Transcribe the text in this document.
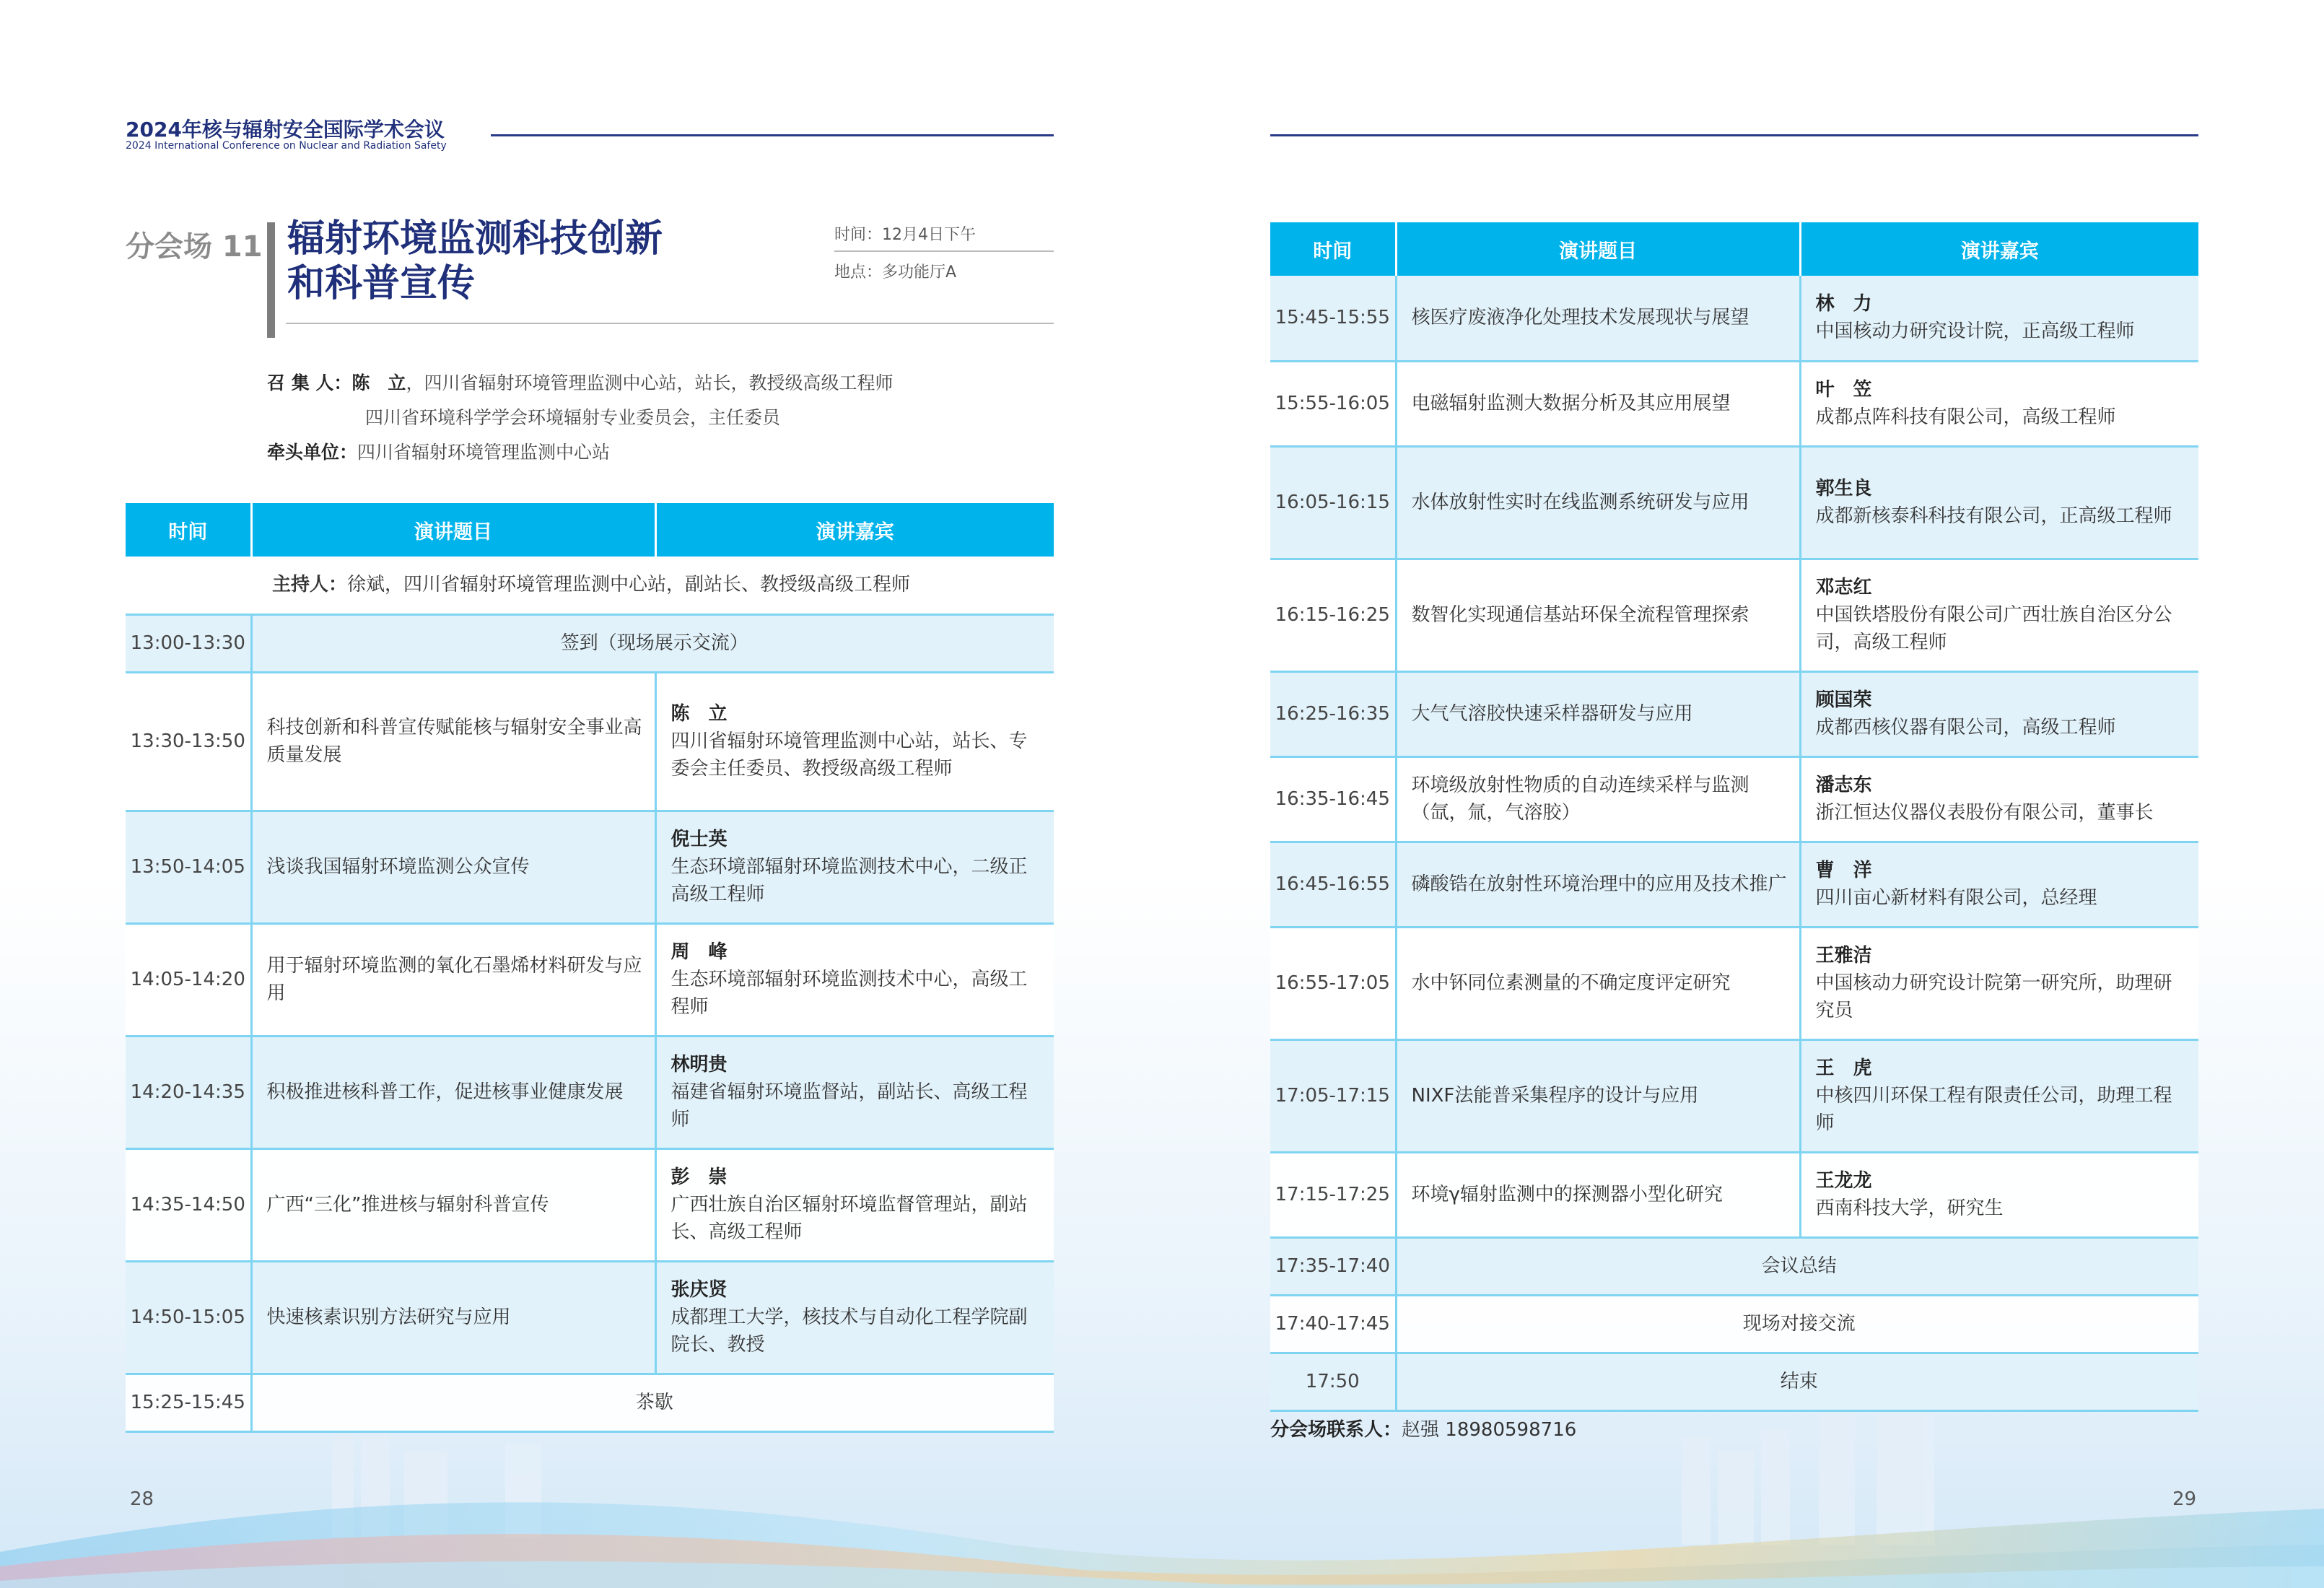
2024年核与辐射安全国际学术会议
2024 International Conference on Nuclear and Radiation Safety
分会场 11 辐射环境监测科技创新
和科普宣传
时间：12月4日下午
地点：多功能厅A
召 集 人：陈　立，四川省辐射环境管理监测中心站，站长，教授级高级工程师
四川省环境科学学会环境辐射专业委员会，主任委员
牵头单位：四川省辐射环境管理监测中心站
时间	演讲题目	演讲嘉宾
主持人：徐斌，四川省辐射环境管理监测中心站，副站长、教授级高级工程师		
13:00-13:30	签到（现场展示交流）	
13:30-13:50	科技创新和科普宣传赋能核与辐射安全事业高质量发展	陈　立
四川省辐射环境管理监测中心站，站长、专委会主任委员、教授级高级工程师

13:50-14:05	浅谈我国辐射环境监测公众宣传	倪士英
生态环境部辐射环境监测技术中心，二级正高级工程师

14:05-14:20	用于辐射环境监测的氧化石墨烯材料研发与应用	周　峰
生态环境部辐射环境监测技术中心，高级工程师

14:20-14:35	积极推进核科普工作，促进核事业健康发展	林明贵
福建省辐射环境监督站，副站长、高级工程师

14:35-14:50	广西“三化”推进核与辐射科普宣传	彭　崇
广西壮族自治区辐射环境监督管理站，副站长、高级工程师

14:50-15:05	快速核素识别方法研究与应用	张庆贤
成都理工大学，核技术与自动化工程学院副院长、教授

15:25-15:45	茶歇	
时间	演讲题目	演讲嘉宾
15:45-15:55	核医疗废液净化处理技术发展现状与展望	林　力
中国核动力研究设计院，正高级工程师

15:55-16:05	电磁辐射监测大数据分析及其应用展望	叶　笠
成都点阵科技有限公司，高级工程师

16:05-16:15	水体放射性实时在线监测系统研发与应用	郭生良
成都新核泰科科技有限公司，正高级工程师

16:15-16:25	数智化实现通信基站环保全流程管理探索	邓志红
中国铁塔股份有限公司广西壮族自治区分公司，高级工程师

16:25-16:35	大气气溶胶快速采样器研发与应用	顾国荣
成都西核仪器有限公司，高级工程师

16:35-16:45	环境级放射性物质的自动连续采样与监测（氙，氚，气溶胶）	潘志东
浙江恒达仪器仪表股份有限公司，董事长

16:45-16:55	磷酸锆在放射性环境治理中的应用及技术推广	曹　洋
四川亩心新材料有限公司，总经理

16:55-17:05	水中钚同位素测量的不确定度评定研究	王雅洁
中国核动力研究设计院第一研究所，助理研究员

17:05-17:15	NIXF法能普采集程序的设计与应用	王　虎
中核四川环保工程有限责任公司，助理工程师

17:15-17:25	环境γ辐射监测中的探测器小型化研究	王龙龙
西南科技大学，研究生

17:35-17:40	会议总结	
17:40-17:45	现场对接交流	
17:50	结束	
分会场联系人：赵强 18980598716
28	29
